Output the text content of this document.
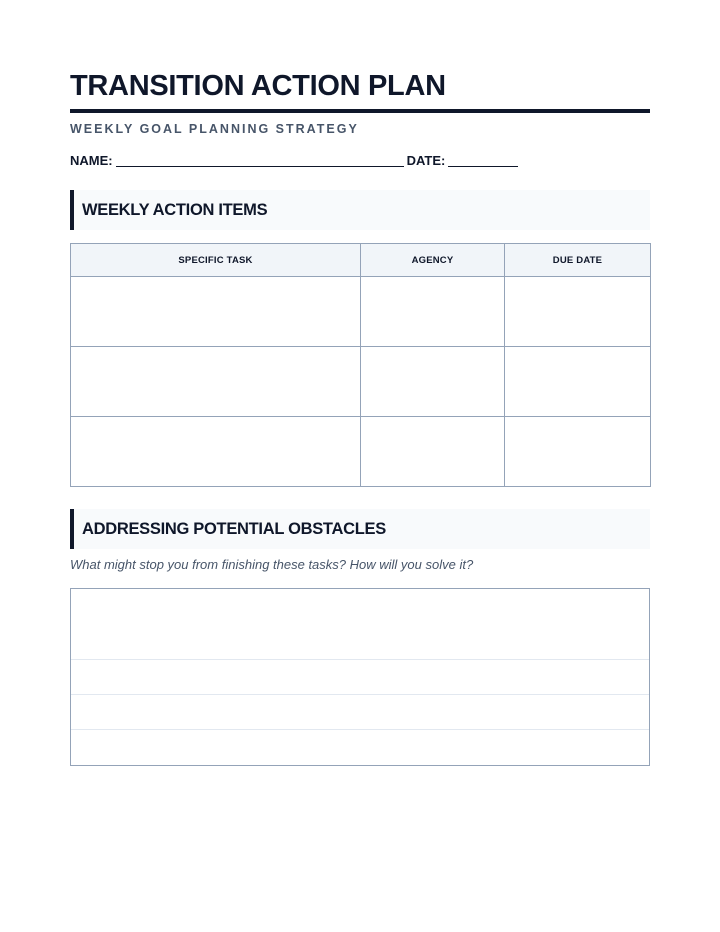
TRANSITION ACTION PLAN
WEEKLY GOAL PLANNING STRATEGY
NAME:	DATE:
WEEKLY ACTION ITEMS
SPECIFIC TASK	AGENCY	DUE DATE

ADDRESSING POTENTIAL OBSTACLES
What might stop you from finishing these tasks? How will you solve it?
